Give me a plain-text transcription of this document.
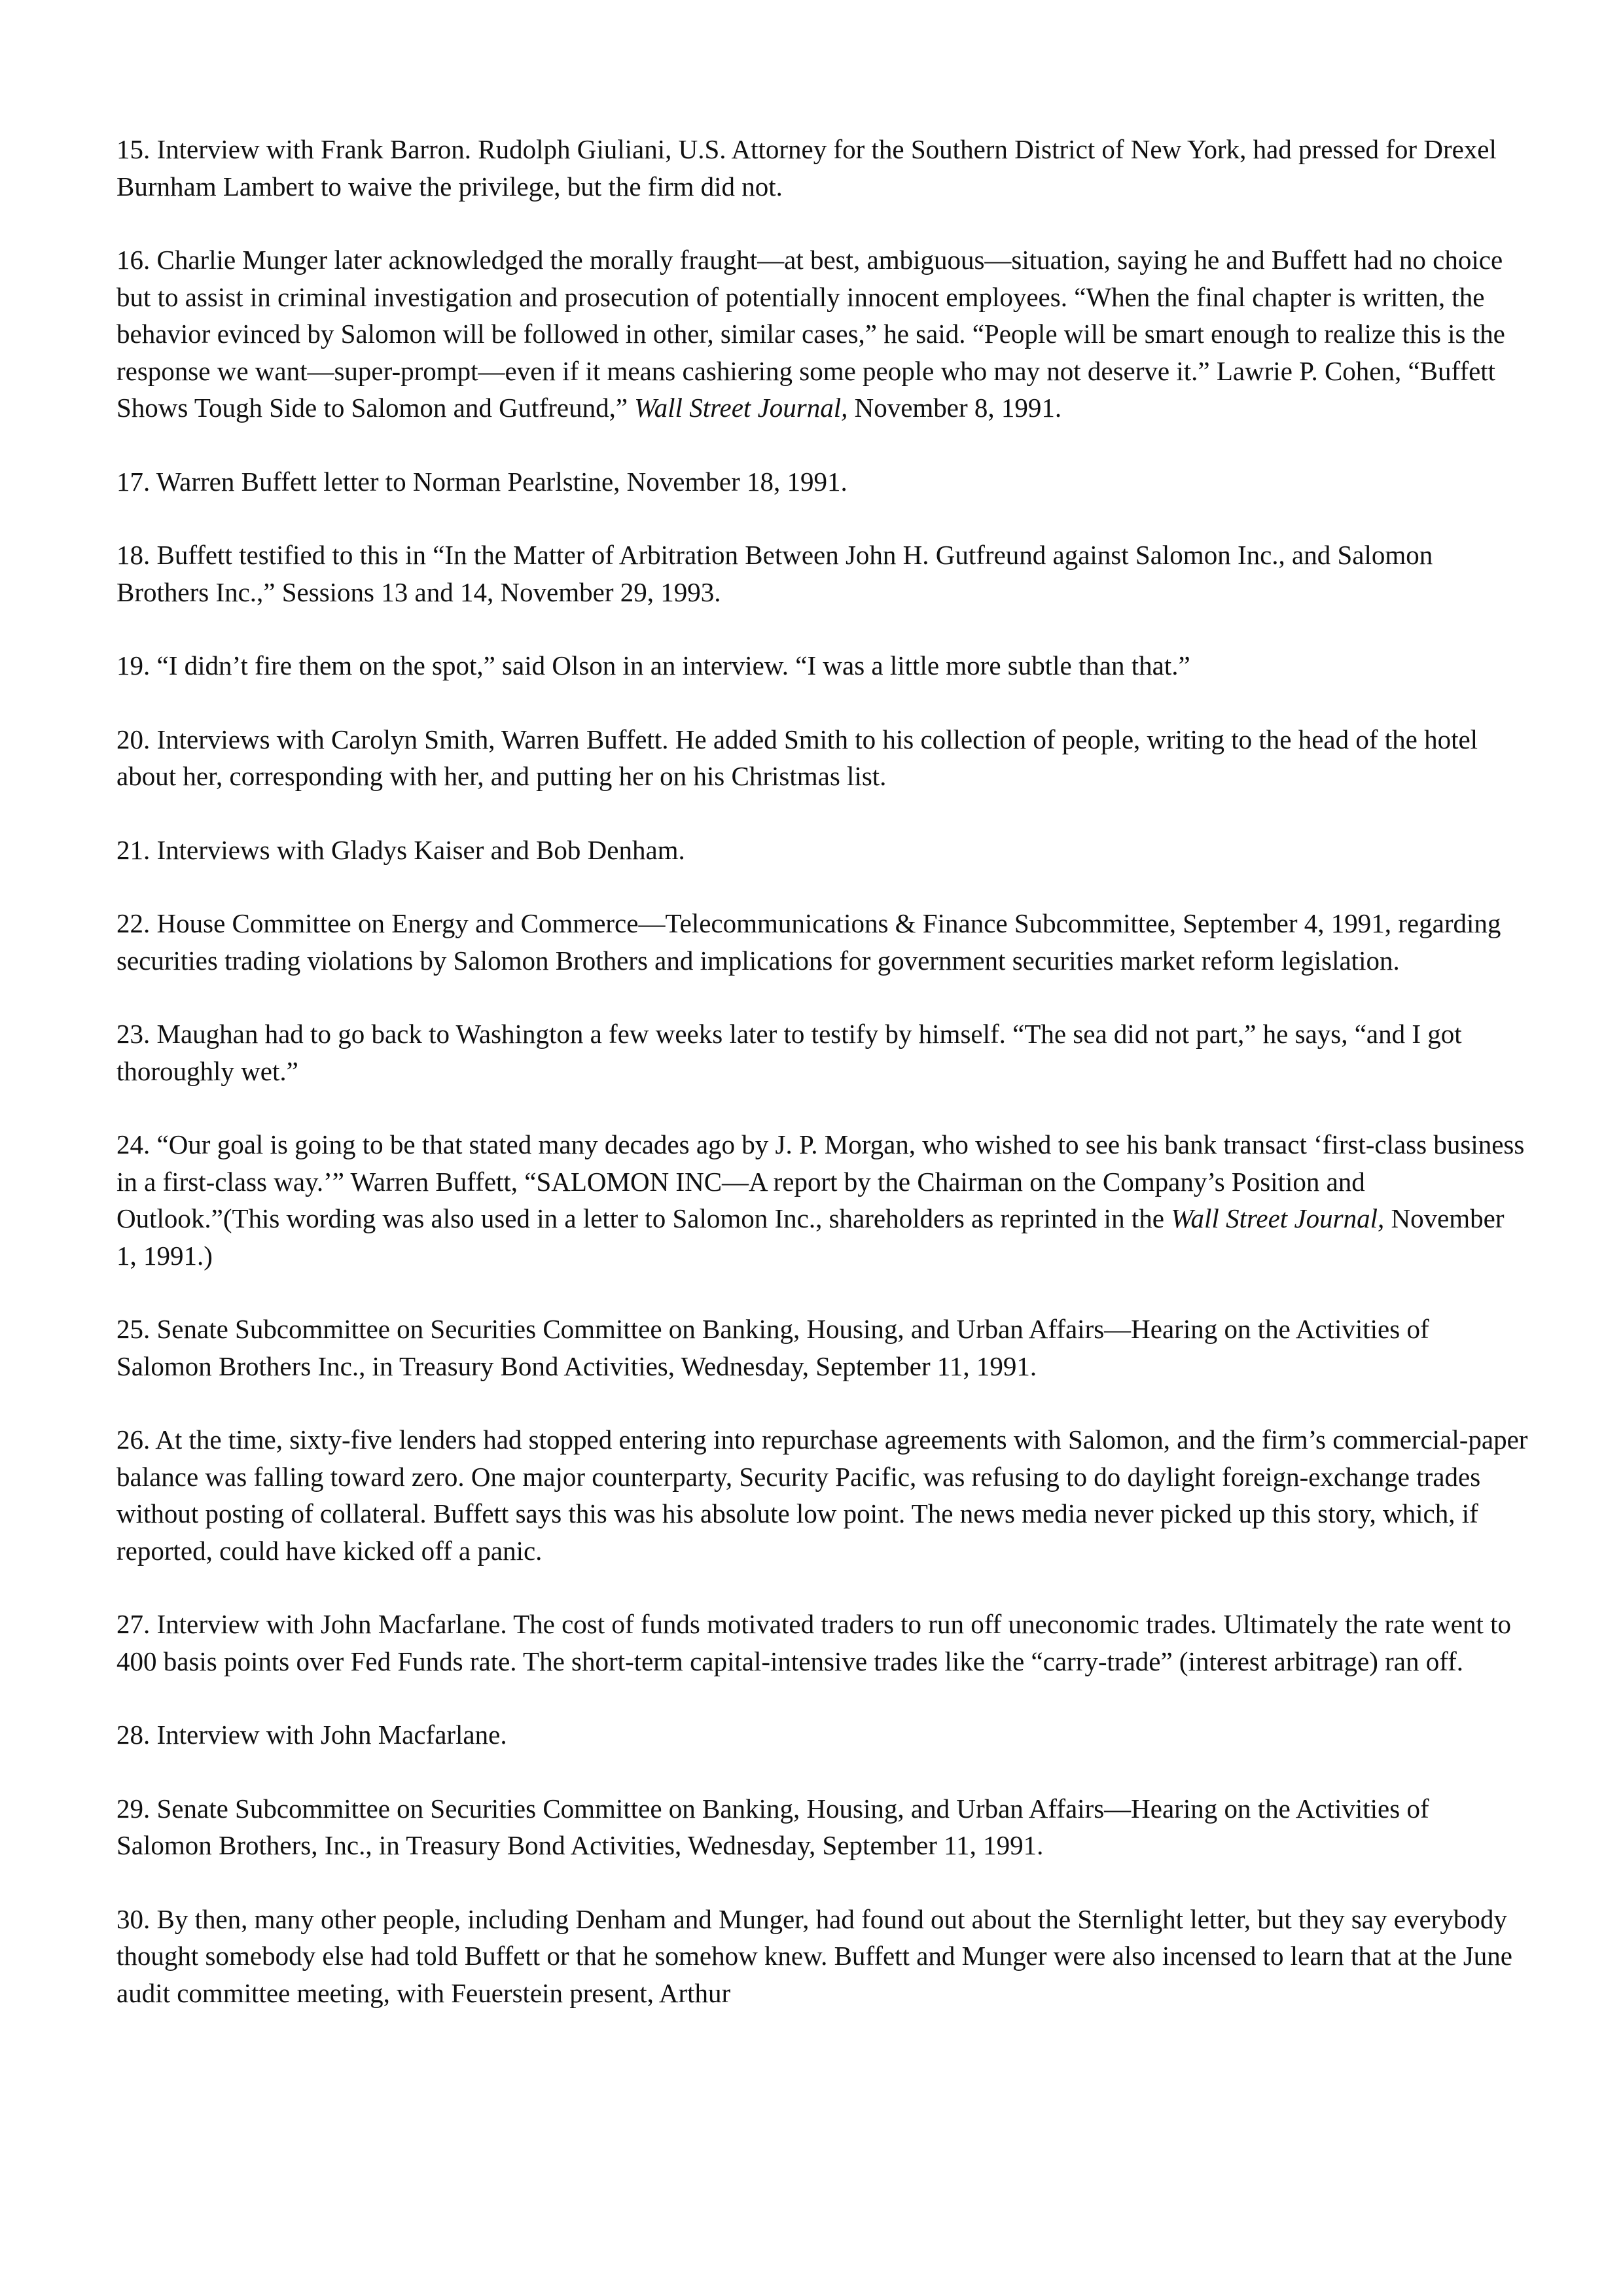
15. Interview with Frank Barron. Rudolph Giuliani, U.S. Attorney for the Southern District of New York, had pressed for Drexel Burnham Lambert to waive the privilege, but the firm did not.

16. Charlie Munger later acknowledged the morally fraught—at best, ambiguous—situation, saying he and Buffett had no choice but to assist in criminal investigation and prosecution of potentially innocent employees. “When the final chapter is written, the behavior evinced by Salomon will be followed in other, similar cases,” he said. “People will be smart enough to realize this is the response we want—super-prompt—even if it means cashiering some people who may not deserve it.” Lawrie P. Cohen, “Buffett Shows Tough Side to Salomon and Gutfreund,” Wall Street Journal, November 8, 1991.

17. Warren Buffett letter to Norman Pearlstine, November 18, 1991.

18. Buffett testified to this in “In the Matter of Arbitration Between John H. Gutfreund against Salomon Inc., and Salomon Brothers Inc.,” Sessions 13 and 14, November 29, 1993.

19. “I didn’t fire them on the spot,” said Olson in an interview. “I was a little more subtle than that.”

20. Interviews with Carolyn Smith, Warren Buffett. He added Smith to his collection of people, writing to the head of the hotel about her, corresponding with her, and putting her on his Christmas list.

21. Interviews with Gladys Kaiser and Bob Denham.

22. House Committee on Energy and Commerce—Telecommunications & Finance Subcommittee, September 4, 1991, regarding securities trading violations by Salomon Brothers and implications for government securities market reform legislation.

23. Maughan had to go back to Washington a few weeks later to testify by himself. “The sea did not part,” he says, “and I got thoroughly wet.”

24. “Our goal is going to be that stated many decades ago by J. P. Morgan, who wished to see his bank transact ‘first-class business in a first-class way.’” Warren Buffett, “SALOMON INC—A report by the Chairman on the Company’s Position and Outlook.”(This wording was also used in a letter to Salomon Inc., shareholders as reprinted in the Wall Street Journal, November 1, 1991.)

25. Senate Subcommittee on Securities Committee on Banking, Housing, and Urban Affairs—Hearing on the Activities of Salomon Brothers Inc., in Treasury Bond Activities, Wednesday, September 11, 1991.

26. At the time, sixty-five lenders had stopped entering into repurchase agreements with Salomon, and the firm’s commercial-paper balance was falling toward zero. One major counterparty, Security Pacific, was refusing to do daylight foreign-exchange trades without posting of collateral. Buffett says this was his absolute low point. The news media never picked up this story, which, if reported, could have kicked off a panic.

27. Interview with John Macfarlane. The cost of funds motivated traders to run off uneconomic trades. Ultimately the rate went to 400 basis points over Fed Funds rate. The short-term capital-intensive trades like the “carry-trade” (interest arbitrage) ran off.

28. Interview with John Macfarlane.

29. Senate Subcommittee on Securities Committee on Banking, Housing, and Urban Affairs—Hearing on the Activities of Salomon Brothers, Inc., in Treasury Bond Activities, Wednesday, September 11, 1991.

30. By then, many other people, including Denham and Munger, had found out about the Sternlight letter, but they say everybody thought somebody else had told Buffett or that he somehow knew. Buffett and Munger were also incensed to learn that at the June audit committee meeting, with Feuerstein present, Arthur
